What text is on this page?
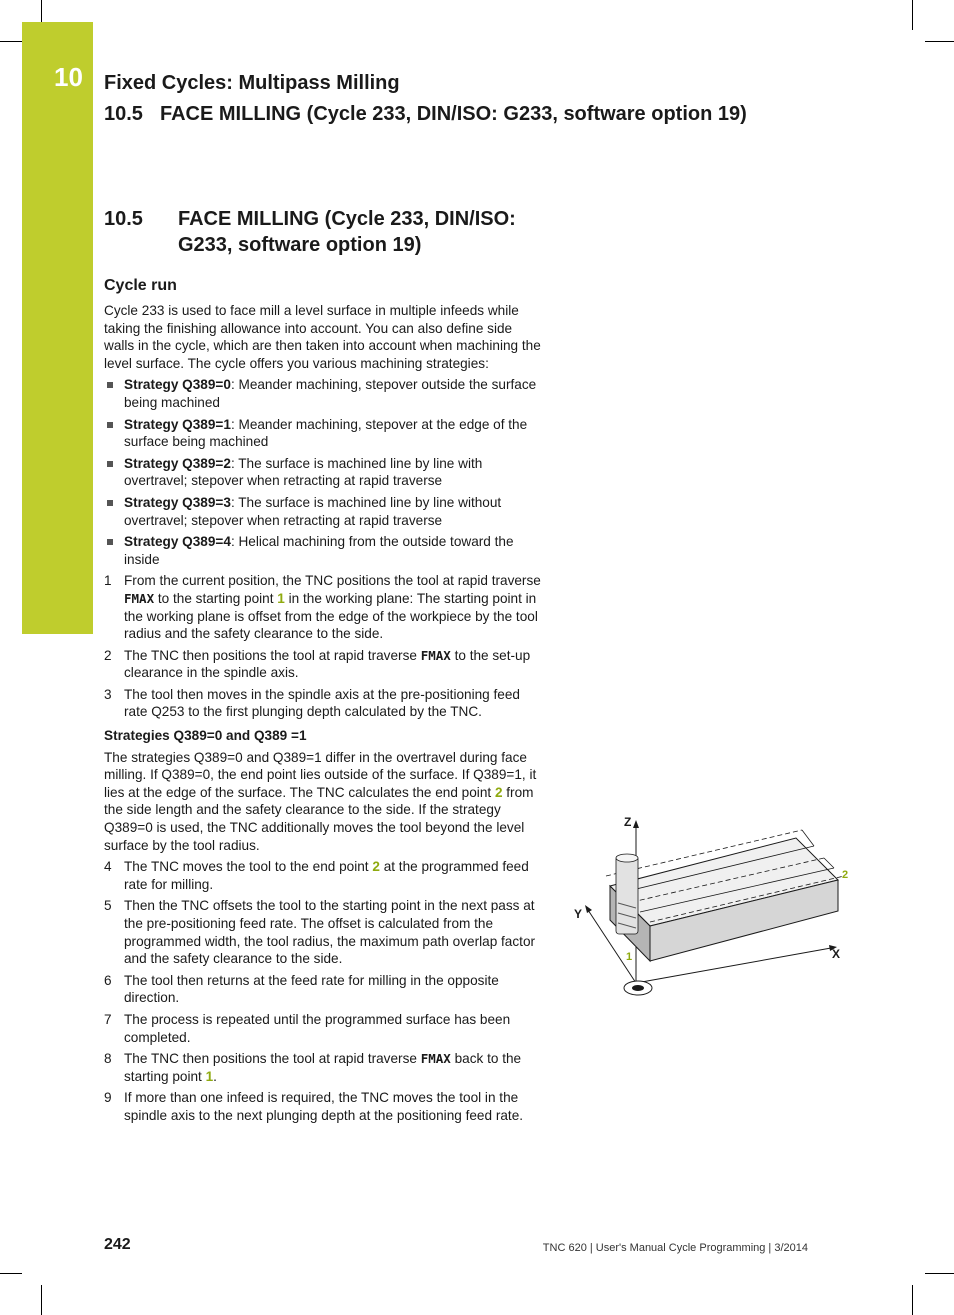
10	Fixed Cycles: Multipass Milling
10.5 FACE MILLING (Cycle 233, DIN/ISO: G233, software option 19)
10.5	FACE MILLING (Cycle 233, DIN/ISO: G233, software option 19)
Cycle run

Cycle 233 is used to face mill a level surface in multiple infeeds while taking the finishing allowance into account. You can also define side walls in the cycle, which are then taken into account when machining the level surface. The cycle offers you various machining strategies:

Strategy Q389=0: Meander machining, stepover outside the surface being machined
Strategy Q389=1: Meander machining, stepover at the edge of the surface being machined
Strategy Q389=2: The surface is machined line by line with overtravel; stepover when retracting at rapid traverse
Strategy Q389=3: The surface is machined line by line without overtravel; stepover when retracting at rapid traverse
Strategy Q389=4: Helical machining from the outside toward the inside
1 From the current position, the TNC positions the tool at rapid traverse FMAX to the starting point 1 in the working plane: The starting point in the working plane is offset from the edge of the workpiece by the tool radius and the safety clearance to the side.
2 The TNC then positions the tool at rapid traverse FMAX to the set-up clearance in the spindle axis.
3 The tool then moves in the spindle axis at the pre-positioning feed rate Q253 to the first plunging depth calculated by the TNC.
Strategies Q389=0 and Q389 =1

The strategies Q389=0 and Q389=1 differ in the overtravel during face milling. If Q389=0, the end point lies outside of the surface. If Q389=1, it lies at the edge of the surface. The TNC calculates the end point 2 from the side length and the safety clearance to the side. If the strategy Q389=0 is used, the TNC additionally moves the tool beyond the level surface by the tool radius.

4 The TNC moves the tool to the end point 2 at the programmed feed rate for milling.
5 Then the TNC offsets the tool to the starting point in the next pass at the pre-positioning feed rate. The offset is calculated from the programmed width, the tool radius, the maximum path overlap factor and the safety clearance to the side.
6 The tool then returns at the feed rate for milling in the opposite direction.
7 The process is repeated until the programmed surface has been completed.
8 The TNC then positions the tool at rapid traverse FMAX back to the starting point 1.
9 If more than one infeed is required, the TNC moves the tool in the spindle axis to the next plunging depth at the positioning feed rate.
Z
Y
X
1
2
242	TNC 620 | User's Manual Cycle Programming | 3/2014
